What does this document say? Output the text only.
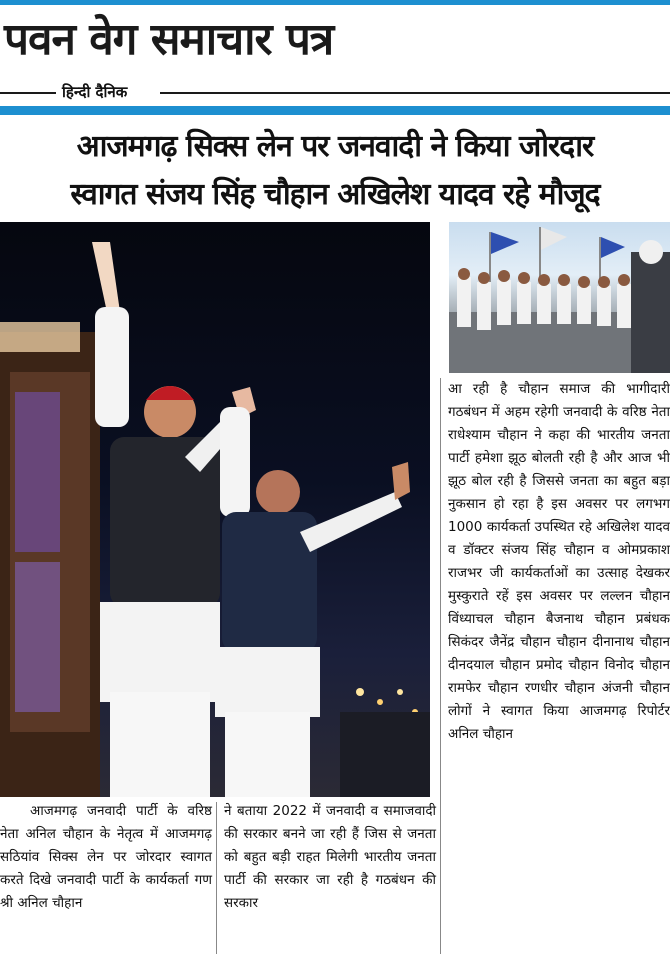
पवन वेग समाचार पत्र
हिन्दी दैनिक
आजमगढ़ सिक्स लेन पर जनवादी ने किया जोरदार
स्वागत संजय सिंह चौहान अखिलेश यादव रहे मौजूद
आ रही है चौहान समाज की भागीदारी गठबंधन में अहम रहेगी जनवादी के वरिष्ठ नेता राधेश्याम चौहान ने कहा की भारतीय जनता पार्टी हमेशा झूठ बोलती रही है और आज भी झूठ बोल रही है जिससे जनता का बहुत बड़ा नुकसान हो रहा है इस अवसर पर लगभग 1000 कार्यकर्ता उपस्थित रहे अखिलेश यादव व डॉक्टर संजय सिंह चौहान व ओमप्रकाश राजभर जी कार्यकर्ताओं का उत्साह देखकर मुस्कुराते रहें इस अवसर पर लल्लन चौहान विंध्याचल चौहान बैजनाथ चौहान प्रबंधक सिकंदर जैनेंद्र चौहान चौहान दीनानाथ चौहान दीनदयाल चौहान प्रमोद चौहान विनोद चौहान रामफेर चौहान रणधीर चौहान अंजनी चौहान लोगों ने स्वागत किया आजमगढ़ रिपोर्टर अनिल चौहान
आजमगढ़ जनवादी पार्टी के वरिष्ठ नेता अनिल चौहान के नेतृत्व में आजमगढ़ सठियांव सिक्स लेन पर जोरदार स्वागत करते दिखे जनवादी पार्टी के कार्यकर्ता गण श्री अनिल चौहान
ने बताया 2022 में जनवादी व समाजवादी की सरकार बनने जा रही हैं जिस से जनता को बहुत बड़ी राहत मिलेगी भारतीय जनता पार्टी की सरकार जा रही है गठबंधन की सरकार
